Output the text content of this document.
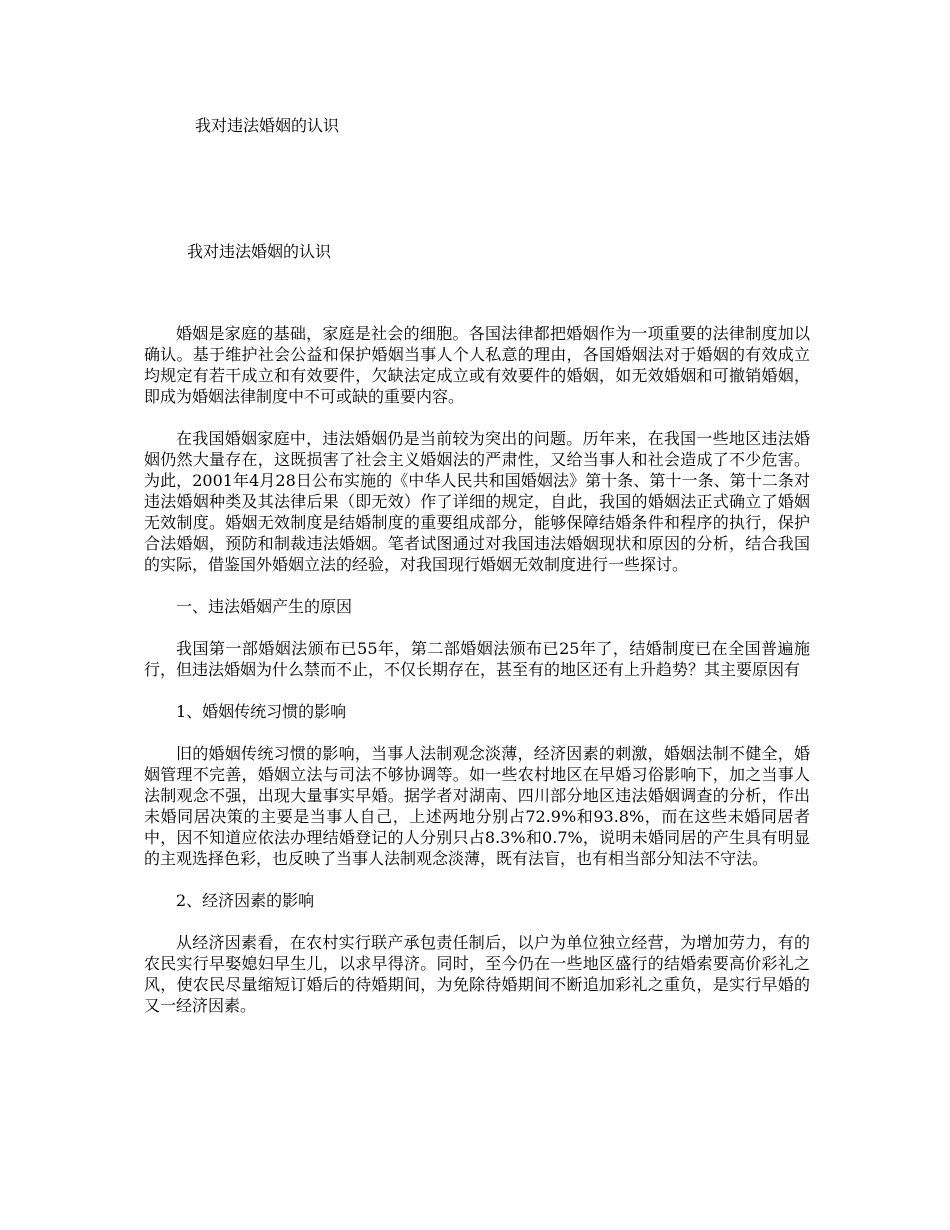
我对违法婚姻的认识
我对违法婚姻的认识

婚姻是家庭的基础，家庭是社会的细胞。各国法律都把婚姻作为一项重要的法律制度加以确认。基于维护社会公益和保护婚姻当事人个人私意的理由，各国婚姻法对于婚姻的有效成立均规定有若干成立和有效要件，欠缺法定成立或有效要件的婚姻，如无效婚姻和可撤销婚姻，即成为婚姻法律制度中不可或缺的重要内容。

在我国婚姻家庭中，违法婚姻仍是当前较为突出的问题。历年来，在我国一些地区违法婚姻仍然大量存在，这既损害了社会主义婚姻法的严肃性，又给当事人和社会造成了不少危害。为此，2001年4月28日公布实施的《中华人民共和国婚姻法》第十条、第十一条、第十二条对违法婚姻种类及其法律后果（即无效）作了详细的规定，自此，我国的婚姻法正式确立了婚姻无效制度。婚姻无效制度是结婚制度的重要组成部分，能够保障结婚条件和程序的执行，保护合法婚姻，预防和制裁违法婚姻。笔者试图通过对我国违法婚姻现状和原因的分析，结合我国的实际，借鉴国外婚姻立法的经验，对我国现行婚姻无效制度进行一些探讨。

一、违法婚姻产生的原因

我国第一部婚姻法颁布已55年，第二部婚姻法颁布已25年了，结婚制度已在全国普遍施行，但违法婚姻为什么禁而不止，不仅长期存在，甚至有的地区还有上升趋势？其主要原因有

1、婚姻传统习惯的影响

旧的婚姻传统习惯的影响，当事人法制观念淡薄，经济因素的刺激，婚姻法制不健全，婚姻管理不完善，婚姻立法与司法不够协调等。如一些农村地区在早婚习俗影响下，加之当事人法制观念不强，出现大量事实早婚。据学者对湖南、四川部分地区违法婚姻调查的分析，作出未婚同居决策的主要是当事人自己，上述两地分别占72.9%和93.8%，而在这些未婚同居者中，因不知道应依法办理结婚登记的人分别只占8.3%和0.7%，说明未婚同居的产生具有明显的主观选择色彩，也反映了当事人法制观念淡薄，既有法盲，也有相当部分知法不守法。

2、经济因素的影响

从经济因素看，在农村实行联产承包责任制后，以户为单位独立经营，为增加劳力，有的农民实行早娶媳妇早生儿，以求早得济。同时，至今仍在一些地区盛行的结婚索要高价彩礼之风，使农民尽量缩短订婚后的待婚期间，为免除待婚期间不断追加彩礼之重负，是实行早婚的又一经济因素。
